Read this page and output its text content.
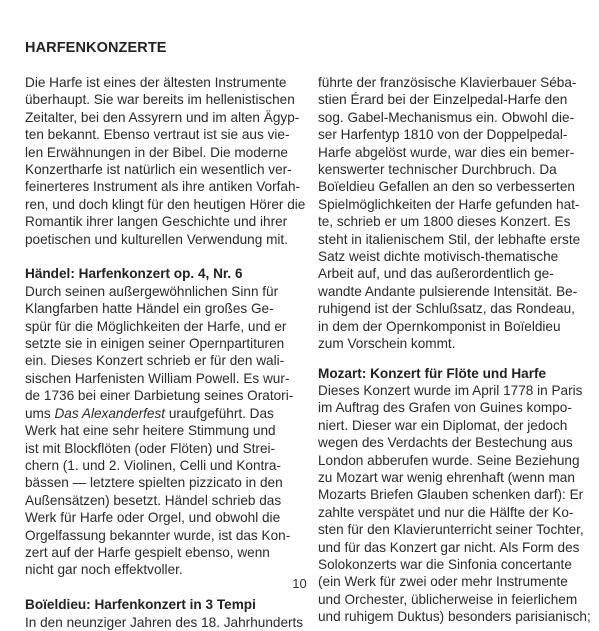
HARFENKONZERTE
Die Harfe ist eines der ältesten Instrumente
überhaupt. Sie war bereits im hellenistischen
Zeitalter, bei den Assyrern und im alten Ägyp-
ten bekannt. Ebenso vertraut ist sie aus vie-
len Erwähnungen in der Bibel. Die moderne
Konzertharfe ist natürlich ein wesentlich ver-
feinerteres Instrument als ihre antiken Vorfah-
ren, und doch klingt für den heutigen Hörer die
Romantik ihrer langen Geschichte und ihrer
poetischen und kulturellen Verwendung mit.
Händel: Harfenkonzert op. 4, Nr. 6
Durch seinen außergewöhnlichen Sinn für
Klangfarben hatte Händel ein großes Ge-
spür für die Möglichkeiten der Harfe, und er
setzte sie in einigen seiner Opernpartituren
ein. Dieses Konzert schrieb er für den wali-
sischen Harfenisten William Powell. Es wur-
de 1736 bei einer Darbietung seines Oratori-
ums Das Alexanderfest uraufgeführt. Das
Werk hat eine sehr heitere Stimmung und
ist mit Blockflöten (oder Flöten) und Strei-
chern (1. und 2. Violinen, Celli und Kontra-
bässen — letztere spielten pizzicato in den
Außensätzen) besetzt. Händel schrieb das
Werk für Harfe oder Orgel, und obwohl die
Orgelfassung bekannter wurde, ist das Kon-
zert auf der Harfe gespielt ebenso, wenn
nicht gar noch effektvoller.
Boïeldieu: Harfenkonzert in 3 Tempi
In den neunziger Jahren des 18. Jahrhunderts
führte der französische Klavierbauer Séba-
stien Érard bei der Einzelpedal-Harfe den
sog. Gabel-Mechanismus ein. Obwohl die-
ser Harfentyp 1810 von der Doppelpedal-
Harfe abgelöst wurde, war dies ein bemer-
kenswerter technischer Durchbruch. Da
Boïeldieu Gefallen an den so verbesserten
Spielmöglichkeiten der Harfe gefunden hat-
te, schrieb er um 1800 dieses Konzert. Es
steht in italienischem Stil, der lebhafte erste
Satz weist dichte motivisch-thematische
Arbeit auf, und das außerordentlich ge-
wandte Andante pulsierende Intensität. Be-
ruhigend ist der Schlußsatz, das Rondeau,
in dem der Opernkomponist in Boïeldieu
zum Vorschein kommt.
Mozart: Konzert für Flöte und Harfe
Dieses Konzert wurde im April 1778 in Paris
im Auftrag des Grafen von Guines kompo-
niert. Dieser war ein Diplomat, der jedoch
wegen des Verdachts der Bestechung aus
London abberufen wurde. Seine Beziehung
zu Mozart war wenig ehrenhaft (wenn man
Mozarts Briefen Glauben schenken darf): Er
zahlte verspätet und nur die Hälfte der Ko-
sten für den Klavierunterricht seiner Tochter,
und für das Konzert gar nicht. Als Form des
Solokonzerts war die Sinfonia concertante
(ein Werk für zwei oder mehr Instrumente
und Orchester, üblicherweise in feierlichem
und ruhigem Duktus) besonders parisianisch;
10
